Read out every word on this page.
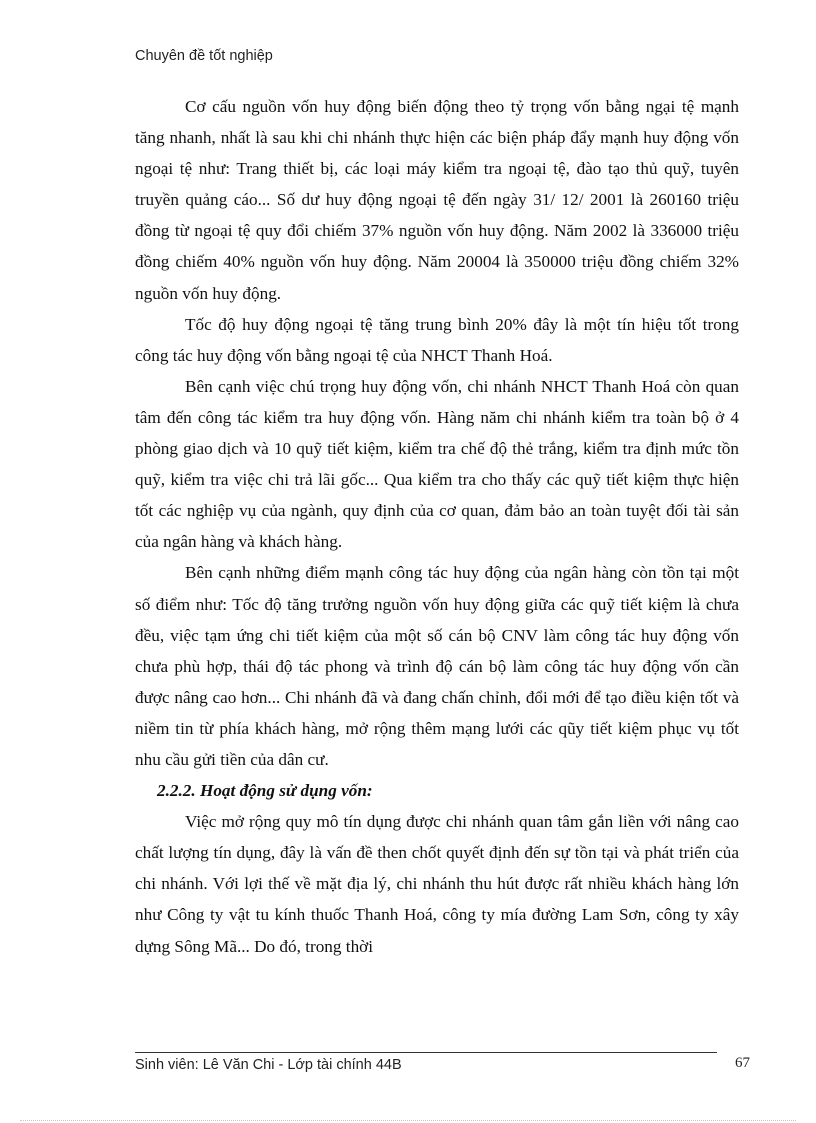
Chuyên đề tốt nghiệp

Cơ cấu nguồn vốn huy động biến động theo tỷ trọng vốn bằng ngại tệ mạnh tăng nhanh, nhất là sau khi chi nhánh thực hiện các biện pháp đẩy mạnh huy động vốn ngoại tệ như: Trang thiết bị, các loại máy kiểm tra ngoại tệ, đào tạo thủ quỹ, tuyên truyền quảng cáo... Số dư huy động ngoại tệ đến ngày 31/ 12/ 2001 là 260160 triệu đồng từ ngoại tệ quy đổi chiếm 37% nguồn vốn huy động. Năm 2002 là 336000 triệu đồng chiếm 40% nguồn vốn huy động. Năm 20004 là 350000 triệu đồng chiếm 32% nguồn vốn huy động.

Tốc độ huy động ngoại tệ tăng trung bình 20% đây là một tín hiệu tốt trong công tác huy động vốn bằng ngoại tệ của NHCT Thanh Hoá.

Bên cạnh việc chú trọng huy động vốn, chi nhánh NHCT Thanh Hoá còn quan tâm đến công tác kiểm tra huy động vốn. Hàng năm chi nhánh kiểm tra toàn bộ ở 4 phòng giao dịch và 10 quỹ tiết kiệm, kiểm tra chế độ thẻ trắng, kiểm tra định mức tồn quỹ, kiểm tra việc chi trả lãi gốc... Qua kiểm tra cho thấy các quỹ tiết kiệm thực hiện tốt các nghiệp vụ của ngành, quy định của cơ quan, đảm bảo an toàn tuyệt đối tài sản của ngân hàng và khách hàng.

Bên cạnh những điểm mạnh công tác huy động của ngân hàng còn tồn tại một số điểm như: Tốc độ tăng trưởng nguồn vốn huy động giữa các quỹ tiết kiệm là chưa đều, việc tạm ứng chi tiết kiệm của một số cán bộ CNV làm công tác huy động vốn chưa phù hợp, thái độ tác phong và trình độ cán bộ làm công tác huy động vốn cần được nâng cao hơn... Chi nhánh đã và đang chấn chỉnh, đổi mới để tạo điều kiện tốt và niềm tin từ phía khách hàng, mở rộng thêm mạng lưới các qũy tiết kiệm phục vụ tốt nhu cầu gửi tiền của dân cư.

2.2.2. Hoạt động sử dụng vốn:

Việc mở rộng quy mô tín dụng được chi nhánh quan tâm gắn liền với nâng cao chất lượng tín dụng, đây là vấn đề then chốt quyết định đến sự tồn tại và phát triển của chi nhánh. Với lợi thế về mặt địa lý, chi nhánh thu hút được rất nhiều khách hàng lớn như Công ty vật tu kính thuốc Thanh Hoá, công ty mía đường Lam Sơn, công ty xây dựng Sông Mã... Do đó, trong thời

Sinh viên: Lê Văn Chi - Lớp tài chính 44B	67
